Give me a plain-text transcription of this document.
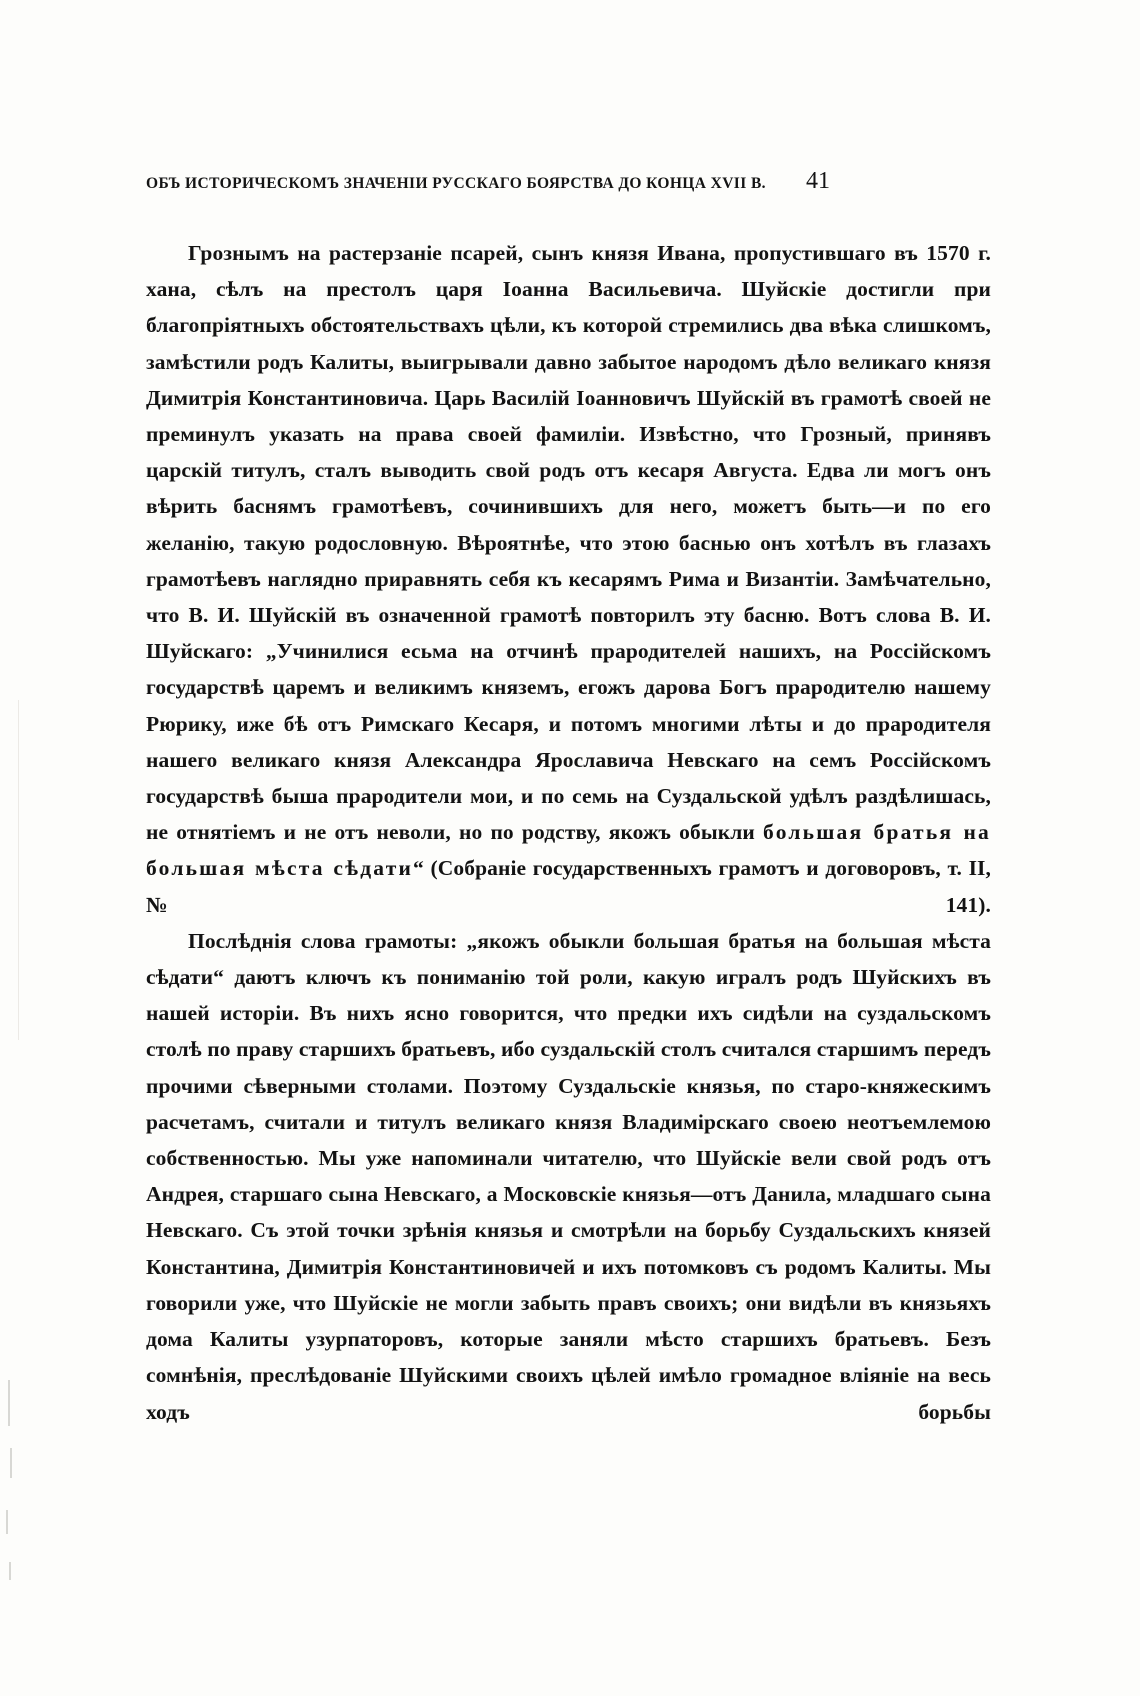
ОБЪ ИСТОРИЧЕСКОМЪ ЗНАЧЕНІИ РУССКАГО БОЯРСТВА ДО КОНЦА XVII В. 41

Грознымъ на растерзаніе псарей, сынъ князя Ивана, пропустившаго въ 1570 г. хана, сѣлъ на престолъ царя Іоанна Васильевича. Шуйскіе достигли при благопріятныхъ обстоятельствахъ цѣли, къ которой стремились два вѣка слишкомъ, замѣстили родъ Калиты, выигрывали давно забытое народомъ дѣло великаго князя Димитрія Константиновича. Царь Василій Іоанновичъ Шуйскій въ грамотѣ своей не преминулъ указать на права своей фамиліи. Извѣстно, что Грозный, принявъ царскій титулъ, сталъ выводить свой родъ отъ кесаря Августа. Едва ли могъ онъ вѣрить баснямъ грамотѣевъ, сочинившихъ для него, можетъ быть—и по его желанію, такую родословную. Вѣроятнѣе, что этою баснью онъ хотѣлъ въ глазахъ грамотѣевъ наглядно приравнять себя къ кесарямъ Рима и Византіи. Замѣчательно, что В. И. Шуйскій въ означенной грамотѣ повторилъ эту басню. Вотъ слова В. И. Шуйскаго: „Учинилися есьма на отчинѣ прародителей нашихъ, на Россійскомъ государствѣ царемъ и великимъ княземъ, егожъ дарова Богъ прародителю нашему Рюрику, иже бѣ отъ Римскаго Кесаря, и потомъ многими лѣты и до прародителя нашего великаго князя Александра Ярославича Невскаго на семъ Россійскомъ государствѣ быша прародители мои, и по семь на Суздальской удѣлъ раздѣлишась, не отнятіемъ и не отъ неволи, но по родству, якожъ обыкли большая братья на большая мѣста сѣдати“ (Собраніе государственныхъ грамотъ и договоровъ, т. II, № 141).

Послѣднія слова грамоты: „якожъ обыкли большая братья на большая мѣста сѣдати“ даютъ ключъ къ пониманію той роли, какую игралъ родъ Шуйскихъ въ нашей исторіи. Въ нихъ ясно говорится, что предки ихъ сидѣли на суздальскомъ столѣ по праву старшихъ братьевъ, ибо суздальскій столъ считался старшимъ передъ прочими сѣверными столами. Поэтому Суздальскіе князья, по старо-княжескимъ расчетамъ, считали и титулъ великаго князя Владимірскаго своею неотъемлемою собственностью. Мы уже напоминали читателю, что Шуйскіе вели свой родъ отъ Андрея, старшаго сына Невскаго, а Московскіе князья—отъ Данила, младшаго сына Невскаго. Съ этой точки зрѣнія князья и смотрѣли на борьбу Суздальскихъ князей Константина, Димитрія Константиновичей и ихъ потомковъ съ родомъ Калиты. Мы говорили уже, что Шуйскіе не могли забыть правъ своихъ; они видѣли въ князьяхъ дома Калиты узурпаторовъ, которые заняли мѣсто старшихъ братьевъ. Безъ сомнѣнія, преслѣдованіе Шуйскими своихъ цѣлей имѣло громадное вліяніе на весь ходъ борьбы
